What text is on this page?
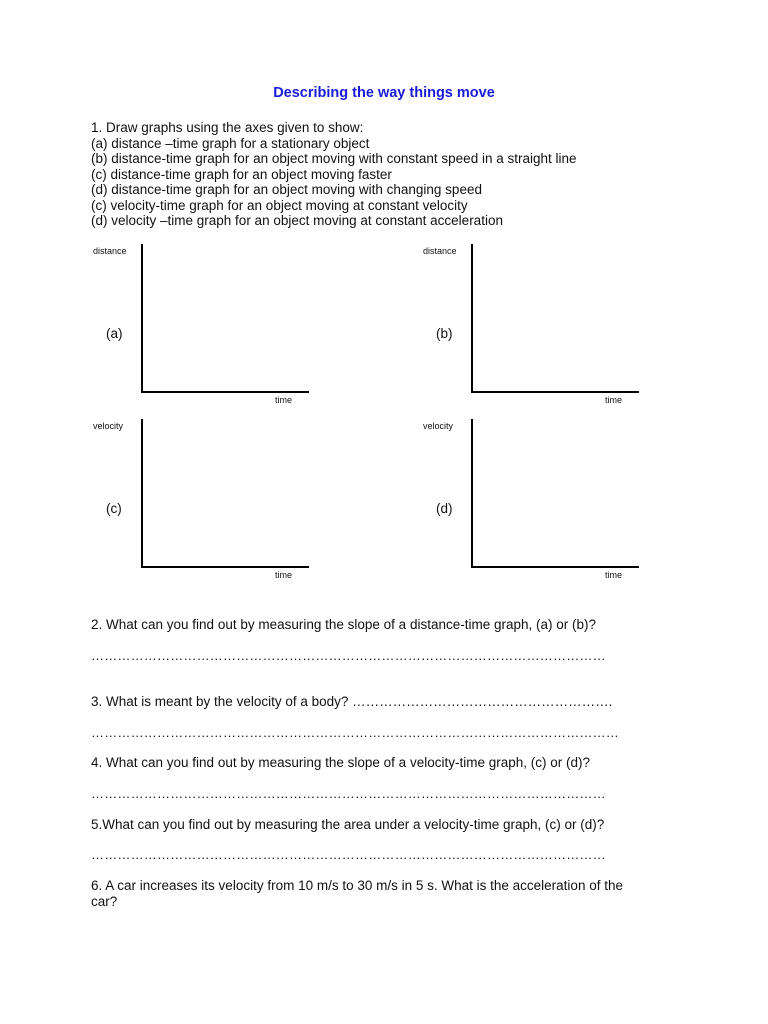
Describing the way things move
1. Draw graphs using the axes given to show:
(a) distance –time graph for a stationary object
(b) distance-time graph for an object moving with constant speed in a straight line
(c) distance-time graph for an object moving faster
(d) distance-time graph for an object moving with changing speed
(c) velocity-time graph for an object moving at constant velocity
(d) velocity –time graph for an object moving at constant acceleration
distance
(a)
time
distance
(b)
time
velocity
(c)
time
velocity
(d)
time
2. What can you find out by measuring the slope of a distance-time graph, (a) or (b)?
………………………………………………………………………………………………………
3. What is meant by the velocity of a body? ………………………………………………….
…………………………………………………………………………………………………………
4. What can you find out by measuring the slope of a velocity-time graph, (c) or (d)?
………………………………………………………………………………………………………
5.What can you find out by measuring the area under a velocity-time graph, (c) or (d)?
………………………………………………………………………………………………………
6. A car increases its velocity from 10 m/s to 30 m/s in 5 s. What is the acceleration of the
car?
